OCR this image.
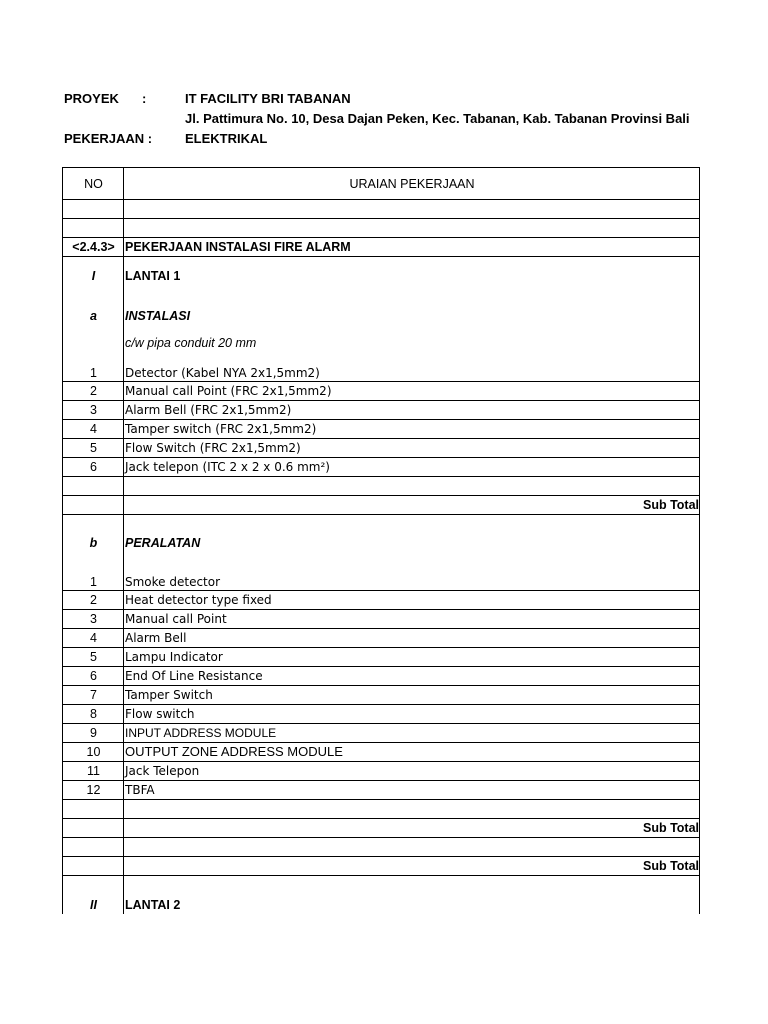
PROYEK :	IT FACILITY BRI TABANAN
Jl. Pattimura No. 10, Desa Dajan Peken, Kec. Tabanan, Kab. Tabanan Provinsi Bali
PEKERJAAN :	ELEKTRIKAL
NO	URAIAN PEKERJAAN

<2.4.3>	PEKERJAAN INSTALASI FIRE ALARM
I	LANTAI 1
a	INSTALASI
	c/w pipa conduit 20 mm
1	Detector (Kabel NYA 2x1,5mm2)
2	Manual call Point (FRC 2x1,5mm2)
3	Alarm Bell (FRC 2x1,5mm2)
4	Tamper switch (FRC 2x1,5mm2)
5	Flow Switch (FRC 2x1,5mm2)
6	Jack telepon (ITC 2 x 2 x 0.6 mm²)

	Sub Total
b	PERALATAN
1	Smoke detector
2	Heat detector type fixed
3	Manual call Point
4	Alarm Bell
5	Lampu Indicator
6	End Of Line Resistance
7	Tamper Switch
8	Flow switch
9	INPUT ADDRESS MODULE
10	OUTPUT ZONE ADDRESS MODULE
11	Jack Telepon
12	TBFA

	Sub Total

	Sub Total
II	LANTAI 2
